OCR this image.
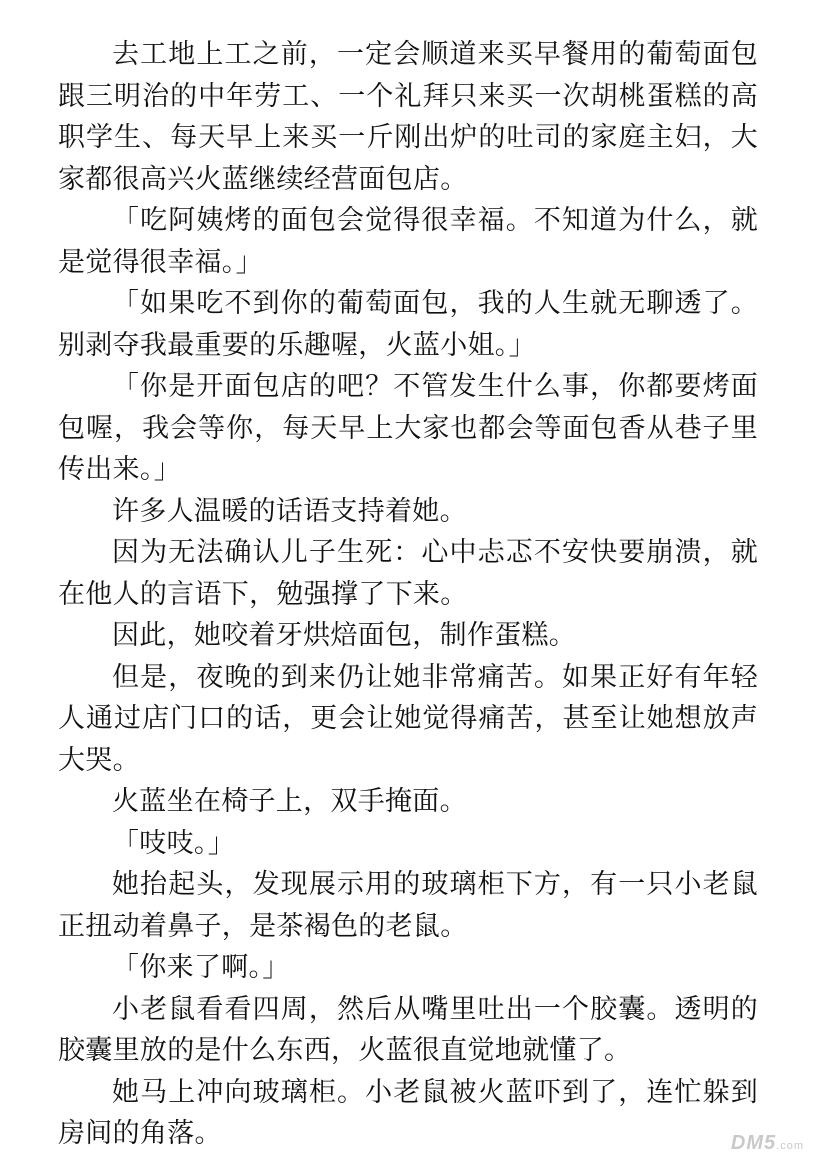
去工地上工之前，一定会顺道来买早餐用的葡萄面包跟三明治的中年劳工、一个礼拜只来买一次胡桃蛋糕的高职学生、每天早上来买一斤刚出炉的吐司的家庭主妇，大家都很高兴火蓝继续经营面包店。

「吃阿姨烤的面包会觉得很幸福。不知道为什么，就是觉得很幸福。」

「如果吃不到你的葡萄面包，我的人生就无聊透了。别剥夺我最重要的乐趣喔，火蓝小姐。」

「你是开面包店的吧？不管发生什么事，你都要烤面包喔，我会等你，每天早上大家也都会等面包香从巷子里传出来。」

许多人温暖的话语支持着她。

因为无法确认儿子生死：心中忐忑不安快要崩溃，就在他人的言语下，勉强撑了下来。

因此，她咬着牙烘焙面包，制作蛋糕。

但是，夜晚的到来仍让她非常痛苦。如果正好有年轻人通过店门口的话，更会让她觉得痛苦，甚至让她想放声大哭。

火蓝坐在椅子上，双手掩面。

「吱吱。」

她抬起头，发现展示用的玻璃柜下方，有一只小老鼠正扭动着鼻子，是茶褐色的老鼠。

「你来了啊。」

小老鼠看看四周，然后从嘴里吐出一个胶囊。透明的胶囊里放的是什么东西，火蓝很直觉地就懂了。

她马上冲向玻璃柜。小老鼠被火蓝吓到了，连忙躲到房间的角落。	DM5.com
